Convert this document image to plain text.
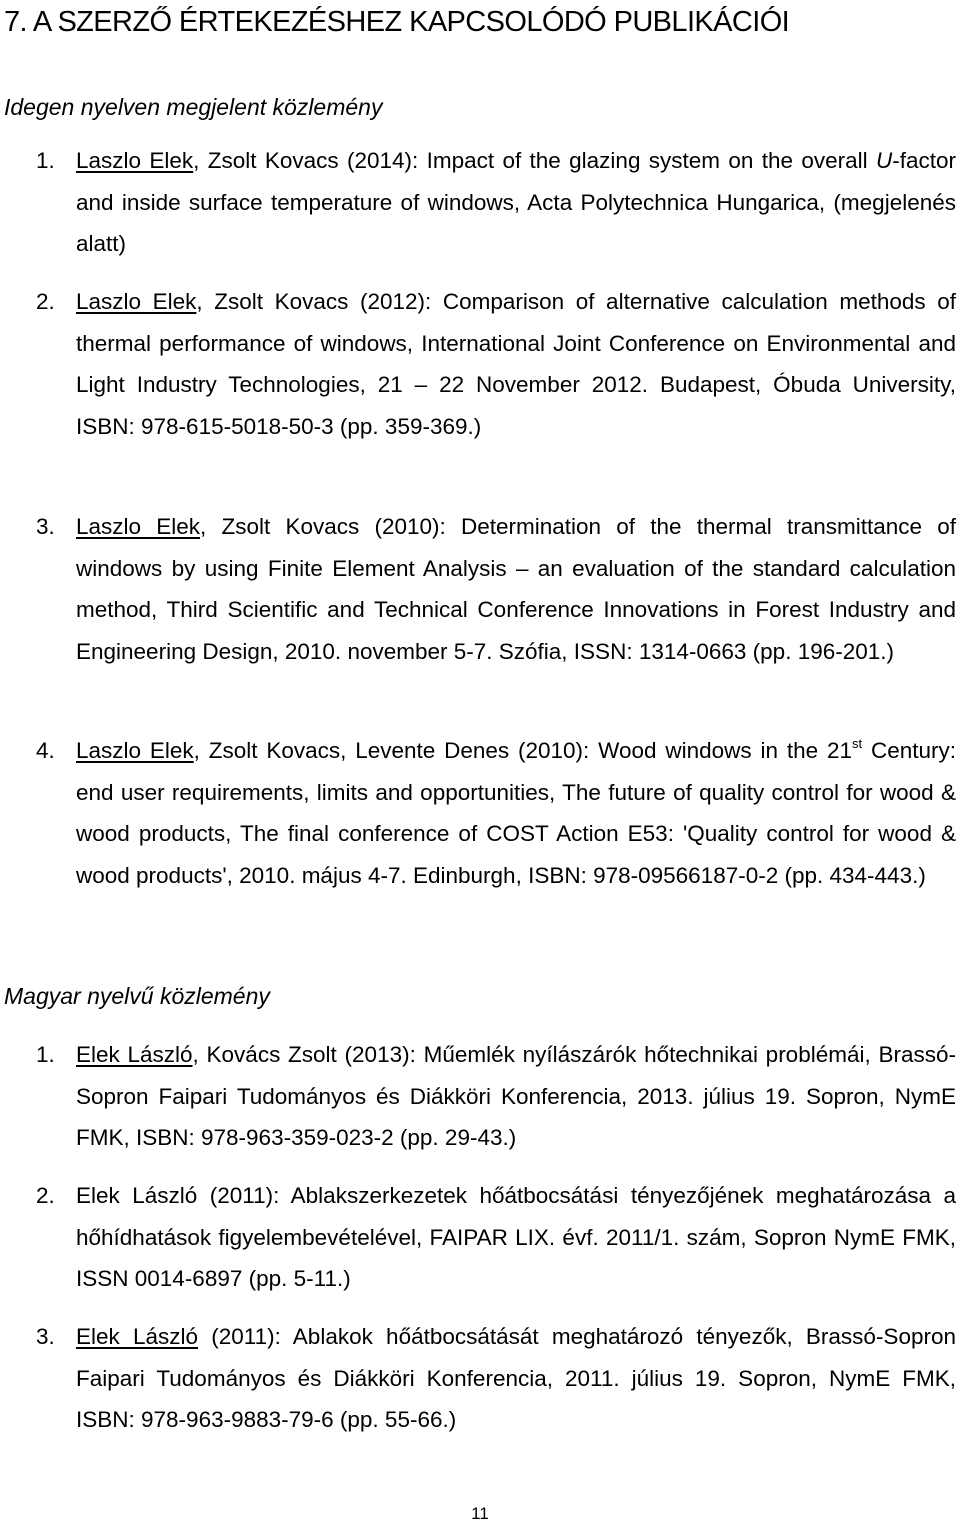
7. A SZERZŐ ÉRTEKEZÉSHEZ KAPCSOLÓDÓ PUBLIKÁCIÓI
Idegen nyelven megjelent közlemény
1. Laszlo Elek, Zsolt Kovacs (2014): Impact of the glazing system on the overall U-factor and inside surface temperature of windows, Acta Polytechnica Hungarica, (megjelenés alatt)
2. Laszlo Elek, Zsolt Kovacs (2012): Comparison of alternative calculation methods of thermal performance of windows, International Joint Conference on Environmental and Light Industry Technologies, 21 – 22 November 2012. Budapest, Óbuda University, ISBN: 978-615-5018-50-3 (pp. 359-369.)
3. Laszlo Elek, Zsolt Kovacs (2010): Determination of the thermal transmittance of windows by using Finite Element Analysis – an evaluation of the standard calculation method, Third Scientific and Technical Conference Innovations in Forest Industry and Engineering Design, 2010. november 5-7. Szófia, ISSN: 1314-0663 (pp. 196-201.)
4. Laszlo Elek, Zsolt Kovacs, Levente Denes (2010): Wood windows in the 21st Century: end user requirements, limits and opportunities, The future of quality control for wood & wood products, The final conference of COST Action E53: 'Quality control for wood & wood products', 2010. május 4-7. Edinburgh, ISBN: 978-09566187-0-2 (pp. 434-443.)
Magyar nyelvű közlemény
1. Elek László, Kovács Zsolt (2013): Műemlék nyílászárók hőtechnikai problémái, Brassó-Sopron Faipari Tudományos és Diákköri Konferencia, 2013. július 19. Sopron, NymE FMK, ISBN: 978-963-359-023-2 (pp. 29-43.)
2. Elek László (2011): Ablakszerkezetek hőátbocsátási tényezőjének meghatározása a hőhídhatások figyelembevételével, FAIPAR LIX. évf. 2011/1. szám, Sopron NymE FMK, ISSN 0014-6897 (pp. 5-11.)
3. Elek László (2011): Ablakok hőátbocsátását meghatározó tényezők, Brassó-Sopron Faipari Tudományos és Diákköri Konferencia, 2011. július 19. Sopron, NymE FMK, ISBN: 978-963-9883-79-6 (pp. 55-66.)
11
